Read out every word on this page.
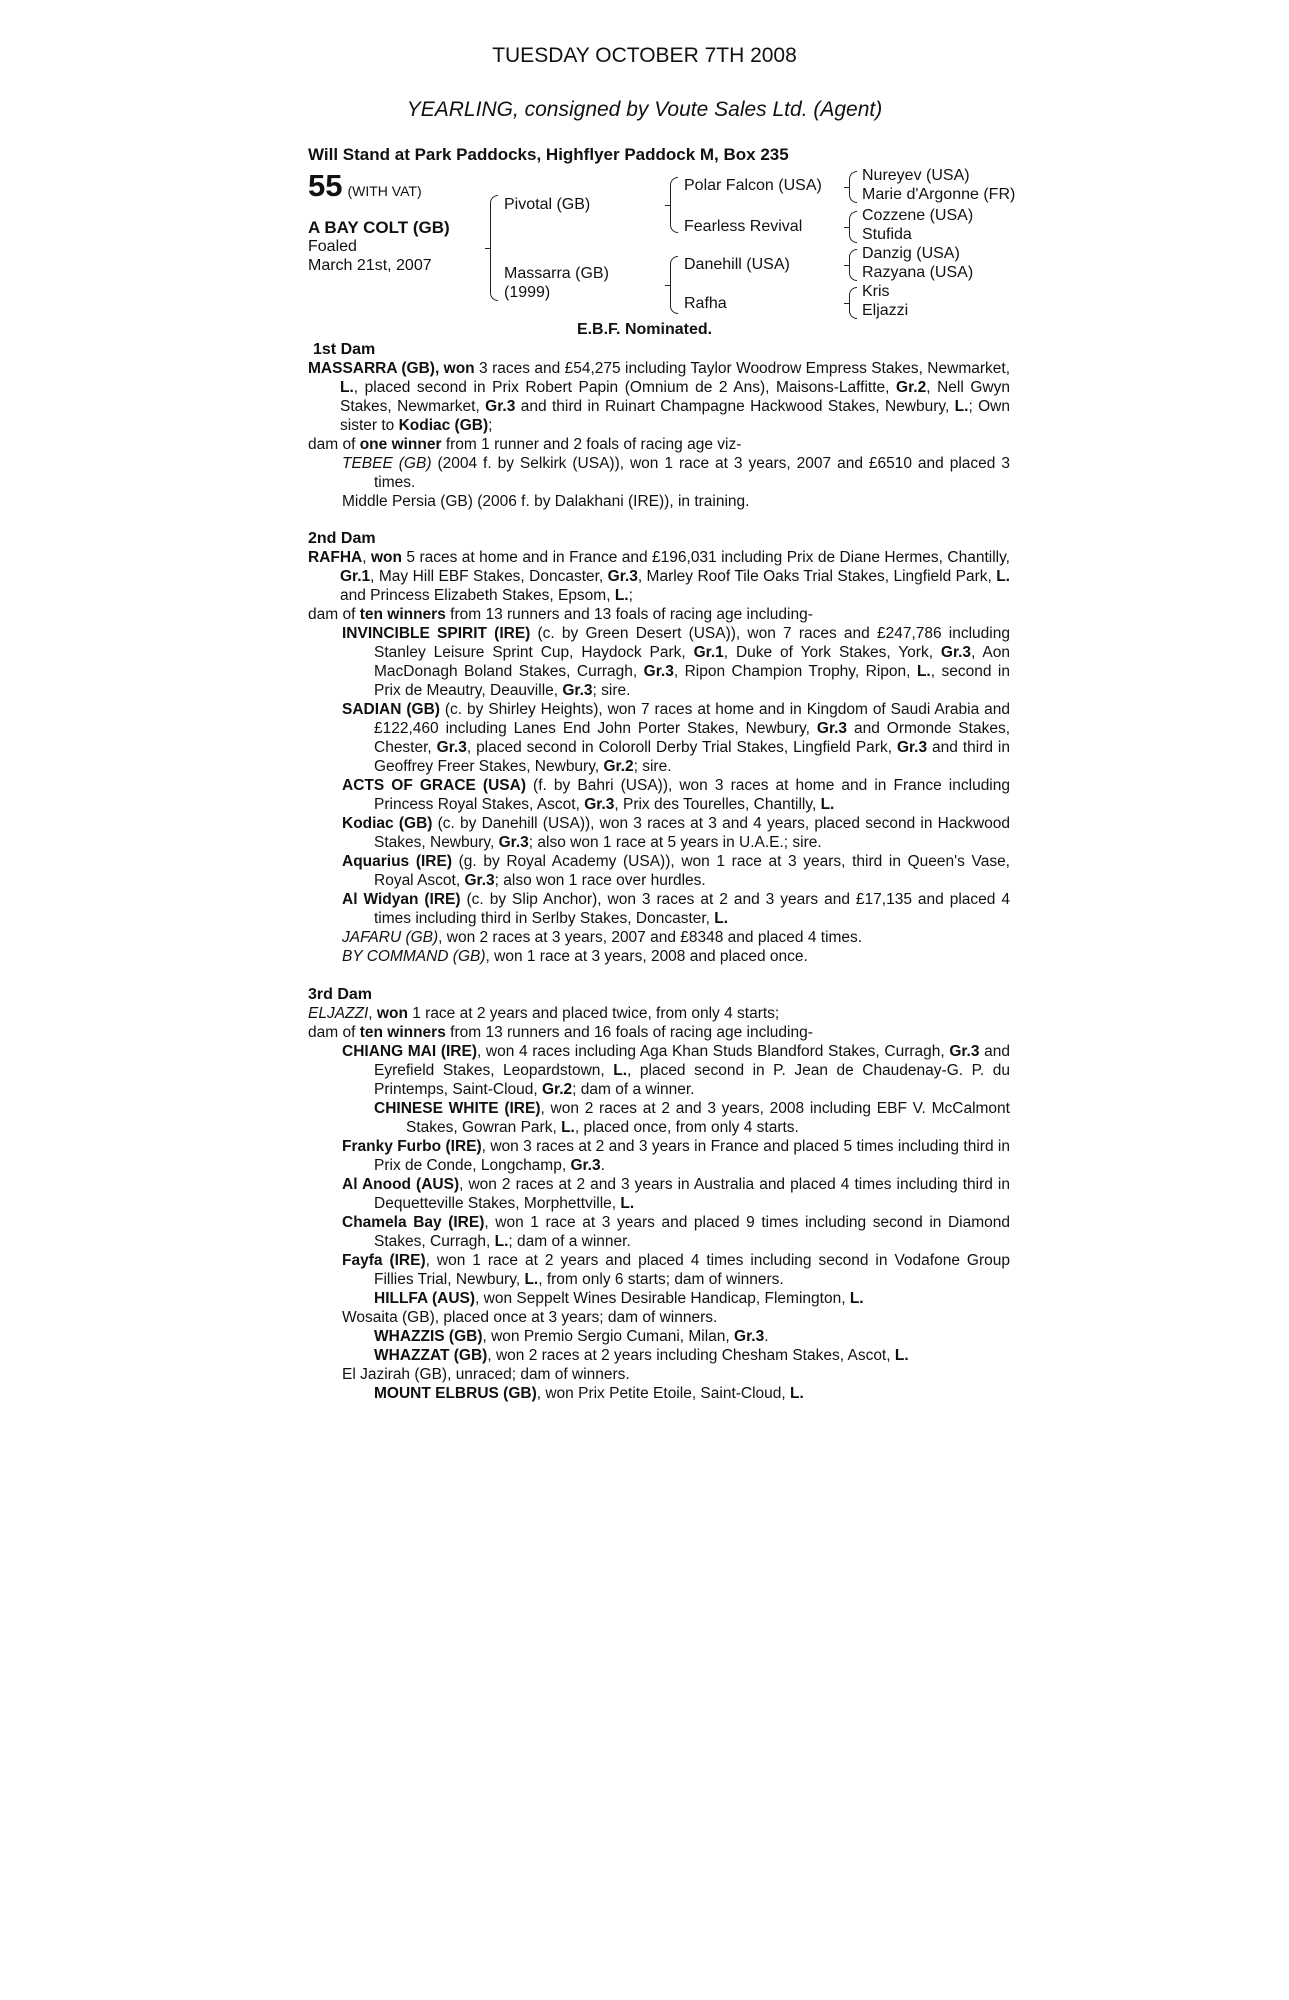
TUESDAY OCTOBER 7TH 2008
YEARLING, consigned by Voute Sales Ltd. (Agent)
Will Stand at Park Paddocks, Highflyer Paddock M, Box 235
55 (WITH VAT)
A BAY COLT (GB)
Foaled
March 21st, 2007
Pivotal (GB)
Massarra (GB)
(1999)
Polar Falcon (USA)
Fearless Revival
Danehill (USA)
Rafha
Nureyev (USA)
Marie d'Argonne (FR)
Cozzene (USA)
Stufida
Danzig (USA)
Razyana (USA)
Kris
Eljazzi
E.B.F. Nominated.
1st Dam
MASSARRA (GB), won 3 races and £54,275 including Taylor Woodrow Empress Stakes, Newmarket, L., placed second in Prix Robert Papin (Omnium de 2 Ans), Maisons-Laffitte, Gr.2, Nell Gwyn Stakes, Newmarket, Gr.3 and third in Ruinart Champagne Hackwood Stakes, Newbury, L.; Own sister to Kodiac (GB);
dam of one winner from 1 runner and 2 foals of racing age viz-
TEBEE (GB) (2004 f. by Selkirk (USA)), won 1 race at 3 years, 2007 and £6510 and placed 3 times.
Middle Persia (GB) (2006 f. by Dalakhani (IRE)), in training.
2nd Dam
RAFHA, won 5 races at home and in France and £196,031 including Prix de Diane Hermes, Chantilly, Gr.1, May Hill EBF Stakes, Doncaster, Gr.3, Marley Roof Tile Oaks Trial Stakes, Lingfield Park, L. and Princess Elizabeth Stakes, Epsom, L.;
dam of ten winners from 13 runners and 13 foals of racing age including-
INVINCIBLE SPIRIT (IRE) (c. by Green Desert (USA)), won 7 races and £247,786 including Stanley Leisure Sprint Cup, Haydock Park, Gr.1, Duke of York Stakes, York, Gr.3, Aon MacDonagh Boland Stakes, Curragh, Gr.3, Ripon Champion Trophy, Ripon, L., second in Prix de Meautry, Deauville, Gr.3; sire.
SADIAN (GB) (c. by Shirley Heights), won 7 races at home and in Kingdom of Saudi Arabia and £122,460 including Lanes End John Porter Stakes, Newbury, Gr.3 and Ormonde Stakes, Chester, Gr.3, placed second in Coloroll Derby Trial Stakes, Lingfield Park, Gr.3 and third in Geoffrey Freer Stakes, Newbury, Gr.2; sire.
ACTS OF GRACE (USA) (f. by Bahri (USA)), won 3 races at home and in France including Princess Royal Stakes, Ascot, Gr.3, Prix des Tourelles, Chantilly, L.
Kodiac (GB) (c. by Danehill (USA)), won 3 races at 3 and 4 years, placed second in Hackwood Stakes, Newbury, Gr.3; also won 1 race at 5 years in U.A.E.; sire.
Aquarius (IRE) (g. by Royal Academy (USA)), won 1 race at 3 years, third in Queen's Vase, Royal Ascot, Gr.3; also won 1 race over hurdles.
Al Widyan (IRE) (c. by Slip Anchor), won 3 races at 2 and 3 years and £17,135 and placed 4 times including third in Serlby Stakes, Doncaster, L.
JAFARU (GB), won 2 races at 3 years, 2007 and £8348 and placed 4 times.
BY COMMAND (GB), won 1 race at 3 years, 2008 and placed once.
3rd Dam
ELJAZZI, won 1 race at 2 years and placed twice, from only 4 starts;
dam of ten winners from 13 runners and 16 foals of racing age including-
CHIANG MAI (IRE), won 4 races including Aga Khan Studs Blandford Stakes, Curragh, Gr.3 and Eyrefield Stakes, Leopardstown, L., placed second in P. Jean de Chaudenay-G. P. du Printemps, Saint-Cloud, Gr.2; dam of a winner.
CHINESE WHITE (IRE), won 2 races at 2 and 3 years, 2008 including EBF V. McCalmont Stakes, Gowran Park, L., placed once, from only 4 starts.
Franky Furbo (IRE), won 3 races at 2 and 3 years in France and placed 5 times including third in Prix de Conde, Longchamp, Gr.3.
Al Anood (AUS), won 2 races at 2 and 3 years in Australia and placed 4 times including third in Dequetteville Stakes, Morphettville, L.
Chamela Bay (IRE), won 1 race at 3 years and placed 9 times including second in Diamond Stakes, Curragh, L.; dam of a winner.
Fayfa (IRE), won 1 race at 2 years and placed 4 times including second in Vodafone Group Fillies Trial, Newbury, L., from only 6 starts; dam of winners.
HILLFA (AUS), won Seppelt Wines Desirable Handicap, Flemington, L.
Wosaita (GB), placed once at 3 years; dam of winners.
WHAZZIS (GB), won Premio Sergio Cumani, Milan, Gr.3.
WHAZZAT (GB), won 2 races at 2 years including Chesham Stakes, Ascot, L.
El Jazirah (GB), unraced; dam of winners.
MOUNT ELBRUS (GB), won Prix Petite Etoile, Saint-Cloud, L.
